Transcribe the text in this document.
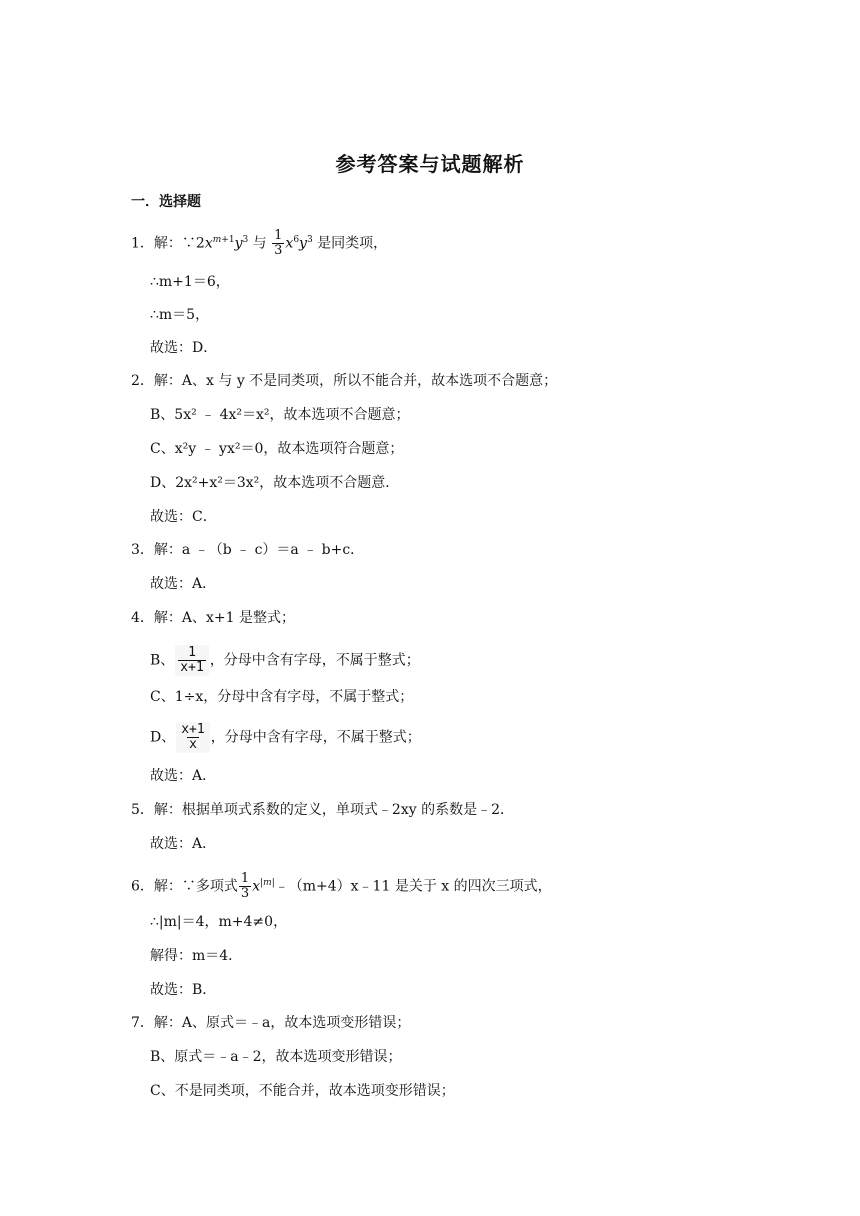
参考答案与试题解析
一．选择题
1．解：$\because 2x^{m+1}y^3$ 与 $\frac{1}{3} x^6y^3$ 是同类项，
∴m+1＝6，
∴m＝5，
故选：D．
2．解：A、x 与 y 不是同类项，所以不能合并，故本选项不合题意；
B、5x² ﹣ 4x²＝x²，故本选项不合题意；
C、x²y ﹣ yx²＝0，故本选项符合题意；
D、2x²+x²＝3x²，故本选项不合题意．
故选：C．
3．解：a ﹣（b ﹣ c）＝a ﹣ b+c．
故选：A．
4．解：A、x+1 是整式；
B、 $\frac{1}{x+1}$ ，分母中含有字母，不属于整式；
C、1÷x，分母中含有字母，不属于整式；
D、 $\frac{x+1}{x}$ ，分母中含有字母，不属于整式；
故选：A．
5．解：根据单项式系数的定义，单项式﹣2xy 的系数是﹣2．
故选：A．
6．解：∵多项式 $\frac{1}{3}$ $x^{|m|}﹣(m+4)x﹣11$ 是关于 x 的四次三项式，
∴|m|＝4，m+4≠0，
解得：m＝4．
故选：B．
7．解：A、原式＝﹣a，故本选项变形错误；
B、原式＝﹣a﹣2，故本选项变形错误；
C、不是同类项，不能合并，故本选项变形错误；
